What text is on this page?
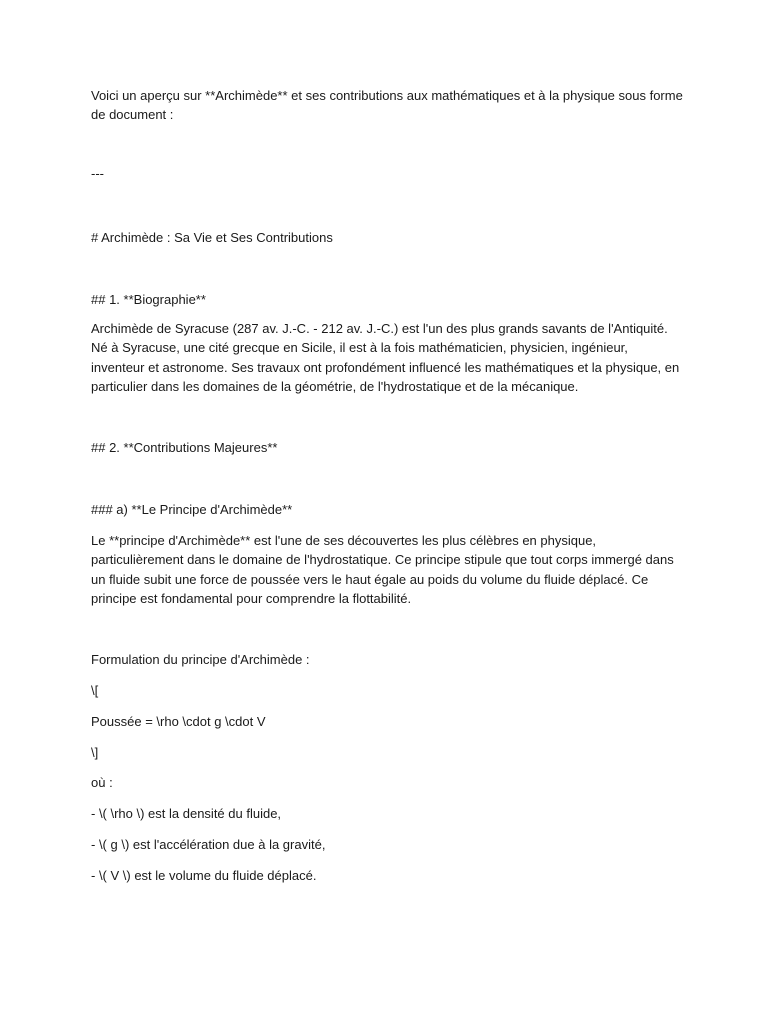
Voici un aperçu sur **Archimède** et ses contributions aux mathématiques et à la physique sous forme de document :
---
# Archimède : Sa Vie et Ses Contributions
## 1. **Biographie**
Archimède de Syracuse (287 av. J.-C. - 212 av. J.-C.) est l'un des plus grands savants de l'Antiquité. Né à Syracuse, une cité grecque en Sicile, il est à la fois mathématicien, physicien, ingénieur, inventeur et astronome. Ses travaux ont profondément influencé les mathématiques et la physique, en particulier dans les domaines de la géométrie, de l'hydrostatique et de la mécanique.
## 2. **Contributions Majeures**
### a) **Le Principe d'Archimède**
Le **principe d'Archimède** est l'une de ses découvertes les plus célèbres en physique, particulièrement dans le domaine de l'hydrostatique. Ce principe stipule que tout corps immergé dans un fluide subit une force de poussée vers le haut égale au poids du volume du fluide déplacé. Ce principe est fondamental pour comprendre la flottabilité.
Formulation du principe d'Archimède :
\[
Poussée = \rho \cdot g \cdot V
\]
où :
- \( \rho \) est la densité du fluide,
- \( g \) est l'accélération due à la gravité,
- \( V \) est le volume du fluide déplacé.
